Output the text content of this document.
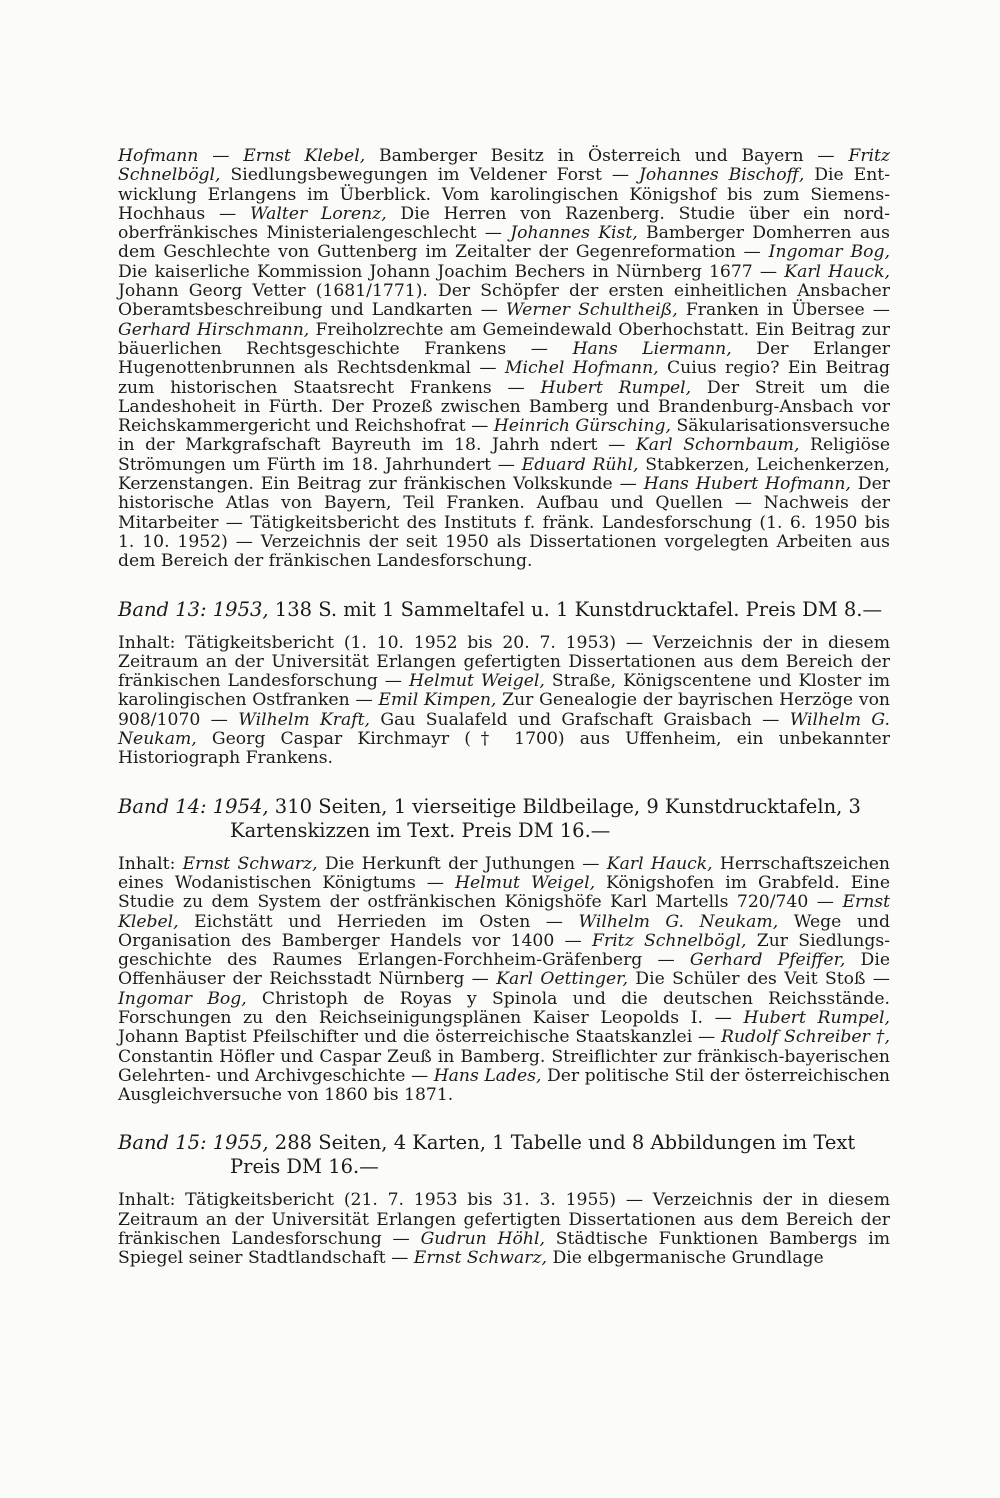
Hofmann — Ernst Klebel, Bamberger Besitz in Österreich und Bayern — Fritz Schnelbögl, Siedlungsbewegungen im Veldener Forst — Johannes Bischoff, Die Entwicklung Erlangens im Überblick. Vom karolingischen Königshof bis zum SiemensHochhaus — Walter Lorenz, Die Herren von Razenberg. Studie über ein nordoberfränkisches Ministerialengeschlecht — Johannes Kist, Bamberger Domherren aus dem Geschlechte von Guttenberg im Zeitalter der Gegenreformation — Ingomar Bog, Die kaiserliche Kommission Johann Joachim Bechers in Nürnberg 1677 — Karl Hauck, Johann Georg Vetter (1681/1771). Der Schöpfer der ersten einheitlichen Ansbacher Oberamtsbeschreibung und Landkarten — Werner Schultheiß, Franken in Übersee — Gerhard Hirschmann, Freiholzrechte am Gemeindewald Oberhochstatt. Ein Beitrag zur bäuerlichen Rechtsgeschichte Frankens — Hans Liermann, Der Erlanger Hugenottenbrunnen als Rechtsdenkmal — Michel Hofmann, Cuius regio? Ein Beitrag zum historischen Staatsrecht Frankens — Hubert Rumpel, Der Streit um die Landeshoheit in Fürth. Der Prozeß zwischen Bamberg und Brandenburg-Ansbach vor Reichskammergericht und Reichshofrat — Heinrich Gürsching, Säkularisationsversuche in der Markgrafschaft Bayreuth im 18. Jahrh ndert — Karl Schornbaum, Religiöse Strömungen um Fürth im 18. Jahrhundert — Eduard Rühl, Stabkerzen, Leichenkerzen, Kerzenstangen. Ein Beitrag zur fränkischen Volkskunde — Hans Hubert Hofmann, Der historische Atlas von Bayern, Teil Franken. Aufbau und Quellen — Nachweis der Mitarbeiter — Tätigkeitsbericht des Instituts f. fränk. Landesforschung (1. 6. 1950 bis 1. 10. 1952) — Verzeichnis der seit 1950 als Dissertationen vorgelegten Arbeiten aus dem Bereich der fränkischen Landesforschung.

Band 13: 1953, 138 S. mit 1 Sammeltafel u. 1 Kunstdrucktafel. Preis DM 8.—

Inhalt: Tätigkeitsbericht (1. 10. 1952 bis 20. 7. 1953) — Verzeichnis der in diesem Zeitraum an der Universität Erlangen gefertigten Dissertationen aus dem Bereich der fränkischen Landesforschung — Helmut Weigel, Straße, Königscentene und Kloster im karolingischen Ostfranken — Emil Kimpen, Zur Genealogie der bayrischen Herzöge von 908/1070 — Wilhelm Kraft, Gau Sualafeld und Grafschaft Graisbach — Wilhelm G. Neukam, Georg Caspar Kirchmayr († 1700) aus Uffenheim, ein unbekannter Historiograph Frankens.

Band 14: 1954, 310 Seiten, 1 vierseitige Bildbeilage, 9 Kunstdrucktafeln, 3 Kartenskizzen im Text. Preis DM 16.—

Inhalt: Ernst Schwarz, Die Herkunft der Juthungen — Karl Hauck, Herrschaftszeichen eines Wodanistischen Königtums — Helmut Weigel, Königshofen im Grabfeld. Eine Studie zu dem System der ostfränkischen Königshöfe Karl Martells 720/740 — Ernst Klebel, Eichstätt und Herrieden im Osten — Wilhelm G. Neukam, Wege und Organisation des Bamberger Handels vor 1400 — Fritz Schnelbögl, Zur Siedlungsgeschichte des Raumes Erlangen-Forchheim-Gräfenberg — Gerhard Pfeiffer, Die Offenhäuser der Reichsstadt Nürnberg — Karl Oettinger, Die Schüler des Veit Stoß — Ingomar Bog, Christoph de Royas y Spinola und die deutschen Reichsstände. Forschungen zu den Reichseinigungsplänen Kaiser Leopolds I. — Hubert Rumpel, Johann Baptist Pfeilschifter und die österreichische Staatskanzlei — Rudolf Schreiber †, Constantin Höfler und Caspar Zeuß in Bamberg. Streiflichter zur fränkisch-bayerischen Gelehrten- und Archivgeschichte — Hans Lades, Der politische Stil der österreichischen Ausgleichversuche von 1860 bis 1871.

Band 15: 1955, 288 Seiten, 4 Karten, 1 Tabelle und 8 Abbildungen im Text Preis DM 16.—

Inhalt: Tätigkeitsbericht (21. 7. 1953 bis 31. 3. 1955) — Verzeichnis der in diesem Zeitraum an der Universität Erlangen gefertigten Dissertationen aus dem Bereich der fränkischen Landesforschung — Gudrun Höhl, Städtische Funktionen Bambergs im Spiegel seiner Stadtlandschaft — Ernst Schwarz, Die elbgermanische Grundlage
